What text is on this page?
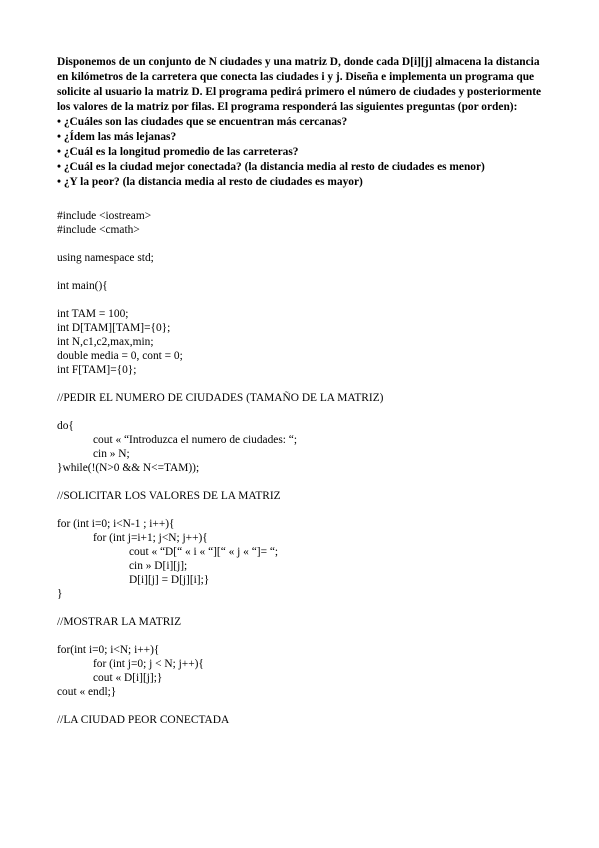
Disponemos de un conjunto de N ciudades y una matriz D, donde cada D[i][j] almacena la distancia en kilómetros de la carretera que conecta las ciudades i y j. Diseña e implementa un programa que solicite al usuario la matriz D. El programa pedirá primero el número de ciudades y posteriormente los valores de la matriz por filas. El programa responderá las siguientes preguntas (por orden):

• ¿Cuáles son las ciudades que se encuentran más cercanas?

• ¿Ídem las más lejanas?

• ¿Cuál es la longitud promedio de las carreteras?

• ¿Cuál es la ciudad mejor conectada? (la distancia media al resto de ciudades es menor)

• ¿Y la peor? (la distancia media al resto de ciudades es mayor)

#include <iostream>
#include <cmath>
using namespace std;
int main(){
int TAM = 100;
int D[TAM][TAM]={0};
int N,c1,c2,max,min;
double media = 0, cont = 0;
int F[TAM]={0};
//PEDIR EL NUMERO DE CIUDADES (TAMAÑO DE LA MATRIZ)
do{
cout « “Introduzca el numero de ciudades: “;
cin » N;
}while(!(N>0 && N<=TAM));
//SOLICITAR LOS VALORES DE LA MATRIZ
for (int i=0; i<N-1 ; i++){
for (int j=i+1; j<N; j++){
cout « “D[“ « i « “][“ « j « “]= “;
cin » D[i][j];
D[i][j] = D[j][i];}
}
//MOSTRAR LA MATRIZ
for(int i=0; i<N; i++){
for (int j=0; j < N; j++){
cout « D[i][j];}
cout « endl;}
//LA CIUDAD PEOR CONECTADA
